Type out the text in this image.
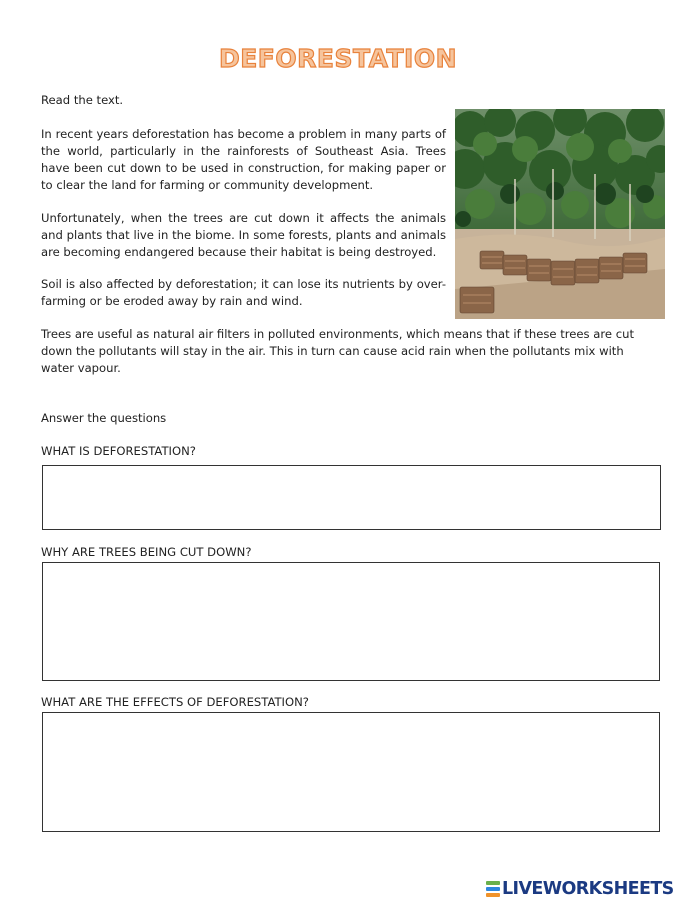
DEFORESTATION

Read the text.

In recent years deforestation has become a problem in many parts of the world, particularly in the rainforests of Southeast Asia. Trees have been cut down to be used in construction, for making paper or to clear the land for farming or community development.

Unfortunately, when the trees are cut down it affects the animals and plants that live in the biome. In some forests, plants and animals are becoming endangered because their habitat is being destroyed.

Soil is also affected by deforestation; it can lose its nutrients by over-farming or be eroded away by rain and wind.

Trees are useful as natural air filters in polluted environments, which means that if these trees are cut down the pollutants will stay in the air. This in turn can cause acid rain when the pollutants mix with water vapour.

Answer the questions

WHAT IS DEFORESTATION?

WHY ARE TREES BEING CUT DOWN?

WHAT ARE THE EFFECTS OF DEFORESTATION?

LIVEWORKSHEETS
